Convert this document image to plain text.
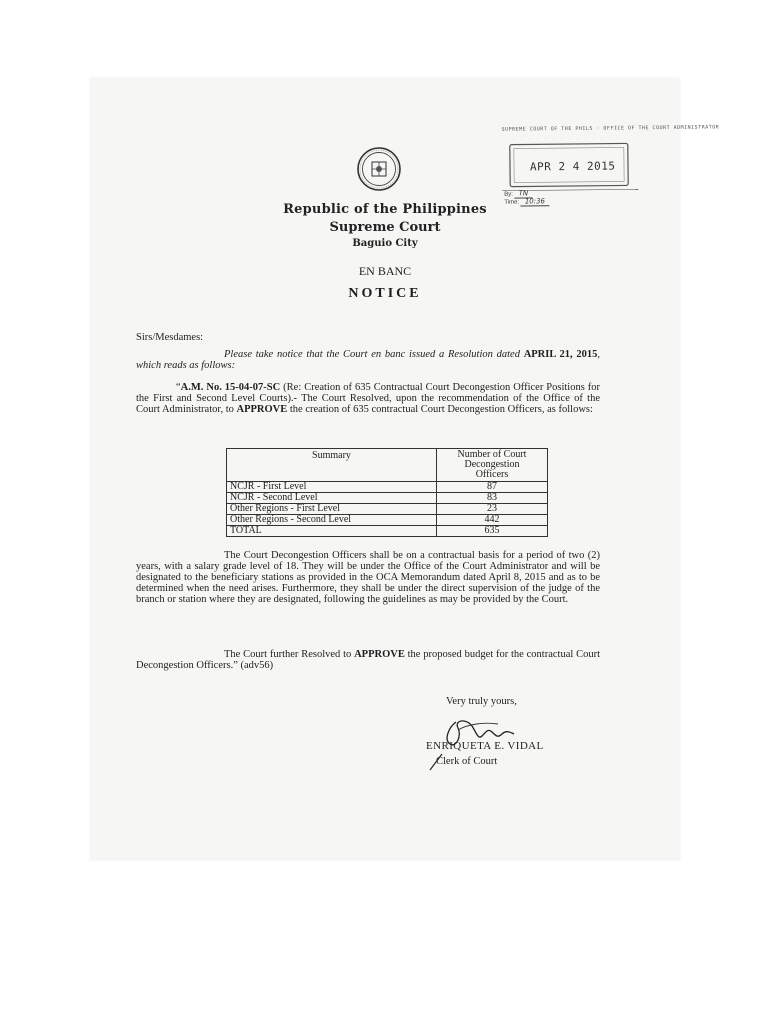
SUPREME COURT OF THE PHILS · OFFICE OF THE COURT ADMINISTRATOR
APR 2 4 2015
By: TN
Time: 10:36
Republic of the Philippines
Supreme Court
Baguio City
EN BANC
NOTICE
Sirs/Mesdames:
Please take notice that the Court en banc issued a Resolution dated APRIL 21, 2015, which reads as follows:
“A.M. No. 15-04-07-SC (Re: Creation of 635 Contractual Court Decongestion Officer Positions for the First and Second Level Courts).- The Court Resolved, upon the recommendation of the Office of the Court Administrator, to APPROVE the creation of 635 contractual Court Decongestion Officers, as follows:
Summary	Number of Court
Decongestion
Officers

NCJR - First Level	87
NCJR - Second Level	83
Other Regions - First Level	23
Other Regions - Second Level	442
TOTAL	635
The Court Decongestion Officers shall be on a contractual basis for a period of two (2) years, with a salary grade level of 18. They will be under the Office of the Court Administrator and will be designated to the beneficiary stations as provided in the OCA Memorandum dated April 8, 2015 and as to be determined when the need arises. Furthermore, they shall be under the direct supervision of the judge of the branch or station where they are designated, following the guidelines as may be provided by the Court.
The Court further Resolved to APPROVE the proposed budget for the contractual Court Decongestion Officers.” (adv56)
Very truly yours,
ENRIQUETA E. VIDAL
Clerk of Court
